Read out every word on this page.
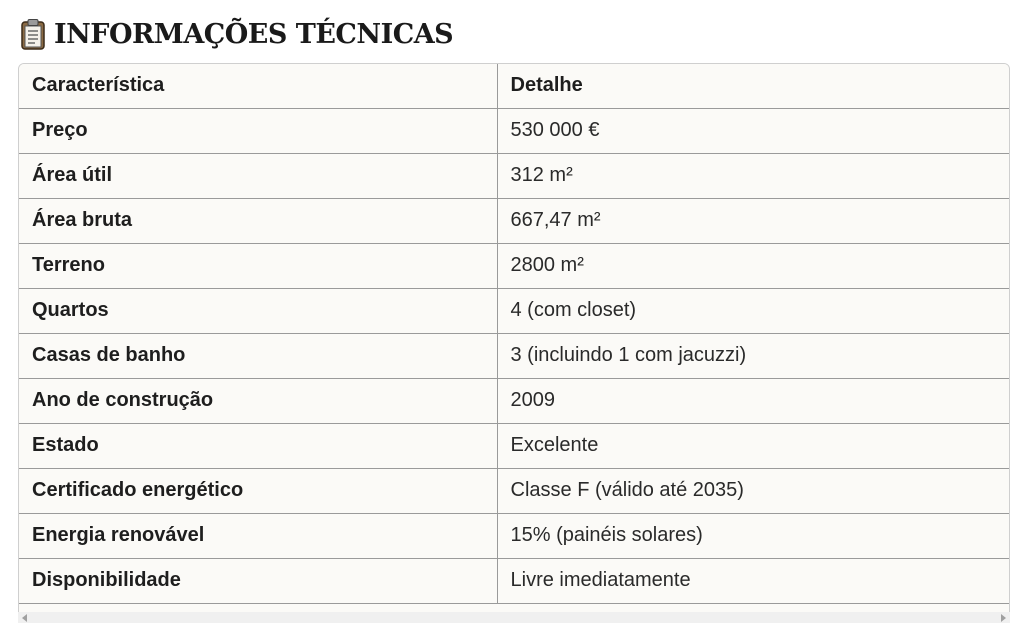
INFORMAÇÕES TÉCNICAS
Característica	Detalhe
Preço	530 000 €
Área útil	312 m²
Área bruta	667,47 m²
Terreno	2800 m²
Quartos	4 (com closet)
Casas de banho	3 (incluindo 1 com jacuzzi)
Ano de construção	2009
Estado	Excelente
Certificado energético	Classe F (válido até 2035)
Energia renovável	15% (painéis solares)
Disponibilidade	Livre imediatamente
